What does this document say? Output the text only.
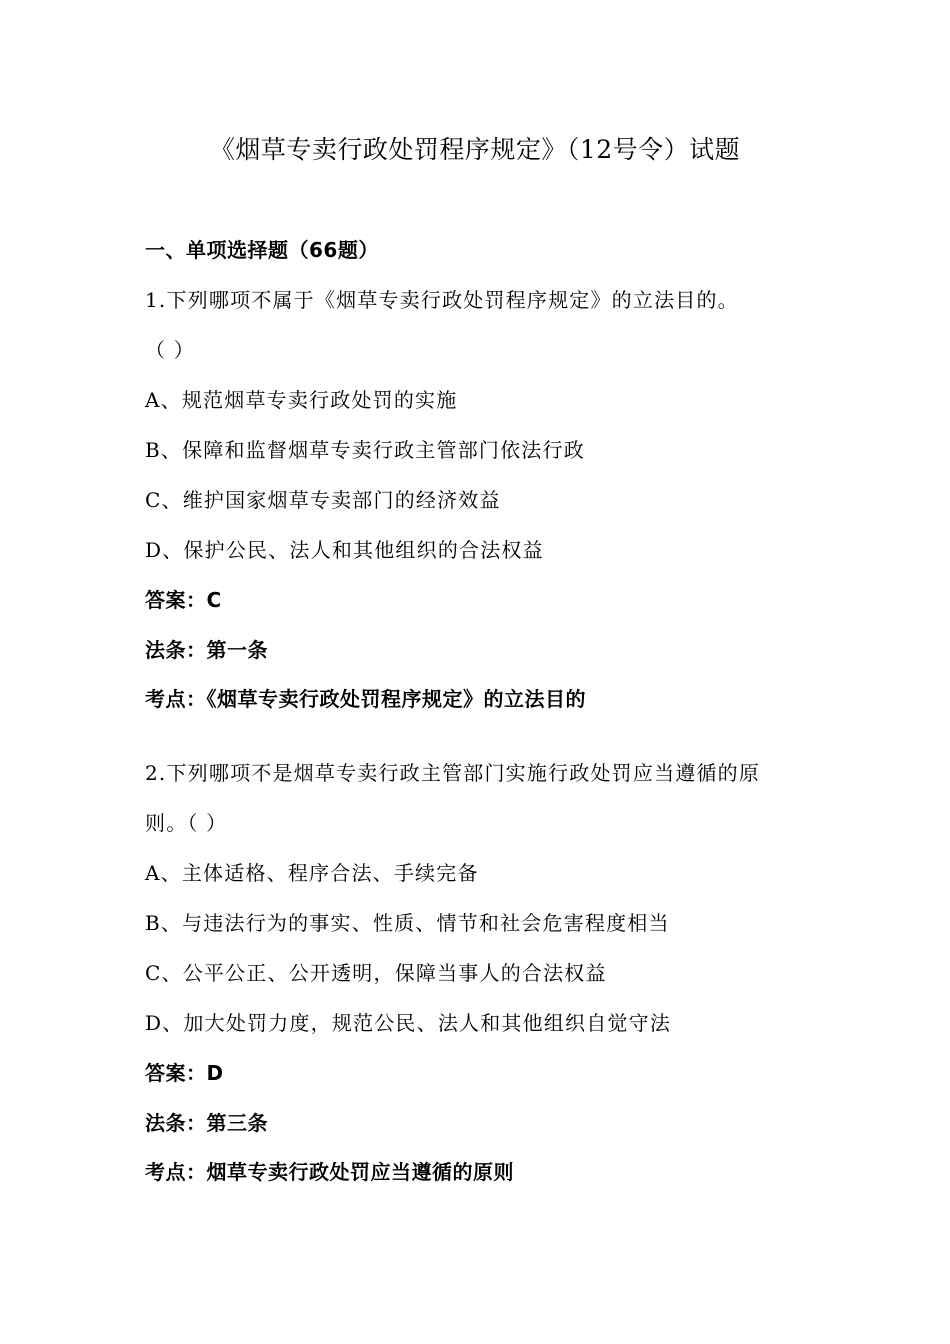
《烟草专卖行政处罚程序规定》（12号令）试题
一、单项选择题（66题）
1.下列哪项不属于《烟草专卖行政处罚程序规定》的立法目的。
（ ）
A、规范烟草专卖行政处罚的实施
B、保障和监督烟草专卖行政主管部门依法行政
C、维护国家烟草专卖部门的经济效益
D、保护公民、法人和其他组织的合法权益
答案：C
法条：第一条
考点：《烟草专卖行政处罚程序规定》的立法目的
2.下列哪项不是烟草专卖行政主管部门实施行政处罚应当遵循的原
则。（ ）
A、主体适格、程序合法、手续完备
B、与违法行为的事实、性质、情节和社会危害程度相当
C、公平公正、公开透明，保障当事人的合法权益
D、加大处罚力度，规范公民、法人和其他组织自觉守法
答案：D
法条：第三条
考点：烟草专卖行政处罚应当遵循的原则
